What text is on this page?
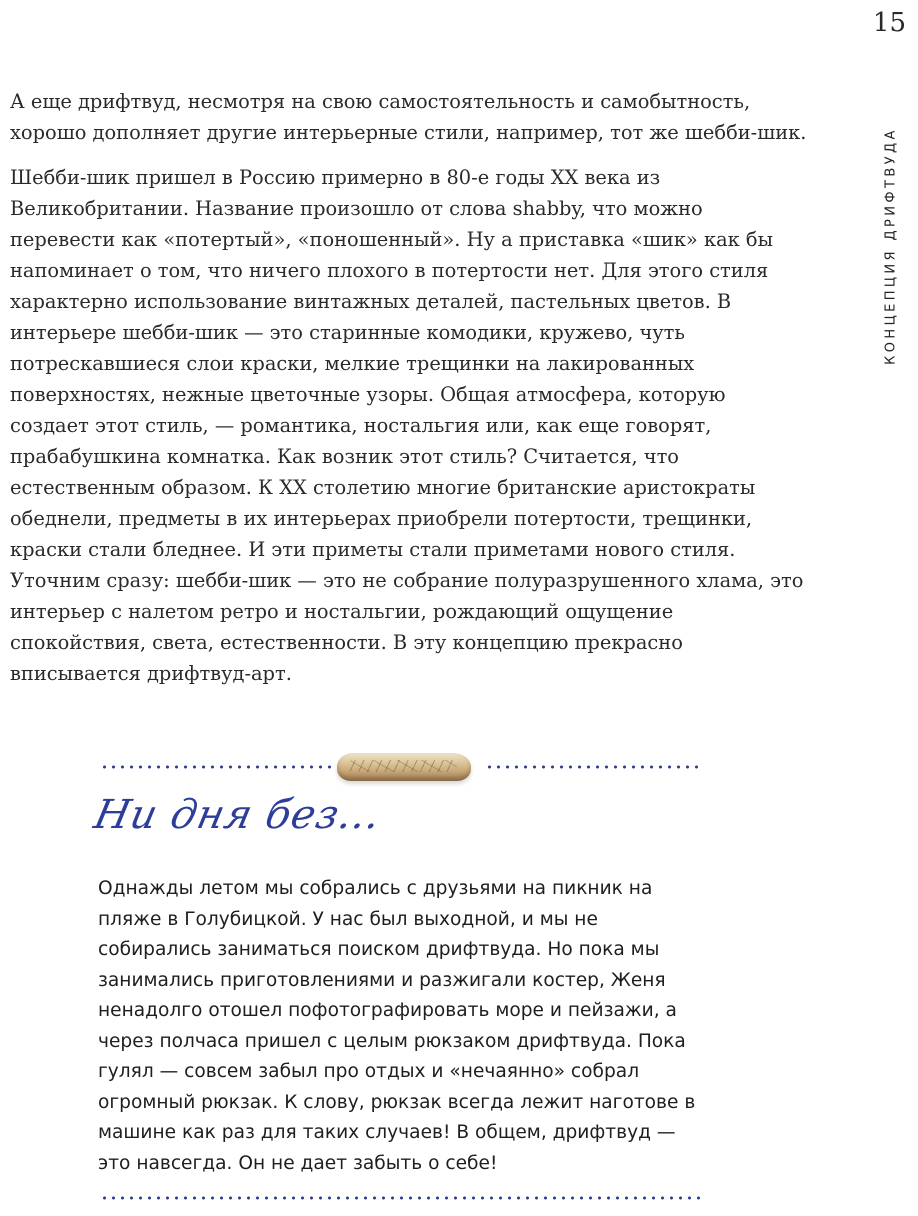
15
КОНЦЕПЦИЯ ДРИФТВУДА

А еще дрифтвуд, несмотря на свою самостоятельность и самобытность, хорошо дополняет другие интерьерные стили, например, тот же шебби-шик.

Шебби-шик пришел в Россию примерно в 80-е годы XX века из Великобритании. Название произошло от слова shabby, что можно перевести как «потертый», «поношенный». Ну а приставка «шик» как бы напоминает о том, что ничего плохого в потертости нет. Для этого стиля характерно использование винтажных деталей, пастельных цветов. В интерьере шебби-шик — это старинные комодики, кружево, чуть потрескавшиеся слои краски, мелкие трещинки на лакированных поверхностях, нежные цветочные узоры. Общая атмосфера, которую создает этот стиль, — романтика, ностальгия или, как еще говорят, прабабушкина комнатка. Как возник этот стиль? Считается, что естественным образом. К XX столетию многие британские аристократы обеднели, предметы в их интерьерах приобрели потертости, трещинки, краски стали бледнее. И эти приметы стали приметами нового стиля. Уточним сразу: шебби-шик — это не собрание полуразрушенного хлама, это интерьер с налетом ретро и ностальгии, рождающий ощущение спокойствия, света, естественности. В эту концепцию прекрасно вписывается дрифтвуд-арт.

Ни дня без...
Однажды летом мы собрались с друзьями на пикник на пляже в Голубицкой. У нас был выходной, и мы не собирались заниматься поиском дрифтвуда. Но пока мы занимались приготовлениями и разжигали костер, Женя ненадолго отошел пофотографировать море и пейзажи, а через полчаса пришел с целым рюкзаком дрифтвуда. Пока гулял — совсем забыл про отдых и «нечаянно» собрал огромный рюкзак. К слову, рюкзак всегда лежит наготове в машине как раз для таких случаев! В общем, дрифтвуд — это навсегда. Он не дает забыть о себе!
